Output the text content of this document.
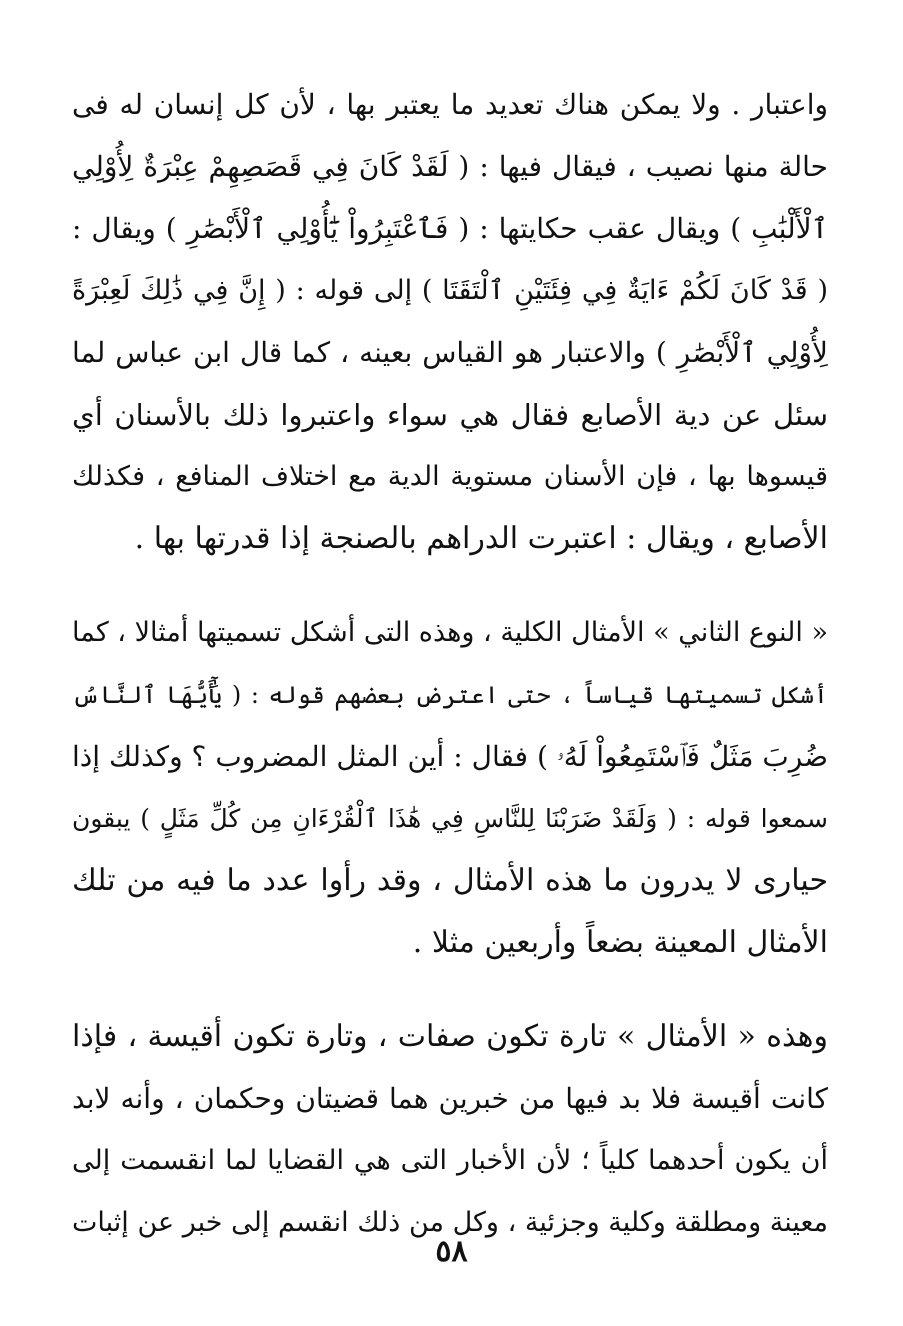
واعتبار . ولا يمكن هناك تعديد ما يعتبر بها ، لأن كل إنسان له فى
حالة منها نصيب ، فيقال فيها : ( لَقَدْ كَانَ فِي قَصَصِهِمْ عِبْرَةٌ لِأُوْلِي
ٱلْأَلْبَٰبِ ) ويقال عقب حكايتها : ( فَٱعْتَبِرُواْ يَٰٓأُوْلِي ٱلْأَبْصَٰرِ ) ويقال :
( قَدْ كَانَ لَكُمْ ءَايَةٌ فِي فِئَتَيْنِ ٱلْتَقَتَا ) إلى قوله : ( إِنَّ فِي ذَٰلِكَ لَعِبْرَةً
لِأُوْلِي ٱلْأَبْصَٰرِ ) والاعتبار هو القياس بعينه ، كما قال ابن عباس لما
سئل عن دية الأصابع فقال هي سواء واعتبروا ذلك بالأسنان أي
قيسوها بها ، فإن الأسنان مستوية الدية مع اختلاف المنافع ، فكذلك
الأصابع ، ويقال : اعتبرت الدراهم بالصنجة إذا قدرتها بها .

« النوع الثاني » الأمثال الكلية ، وهذه التى أشكل تسميتها أمثالا ، كما
أشكل تسميتها قياساً ، حتى اعترض بعضهم قوله : ( يَٰٓأَيُّهَا ٱلنَّاسُ
ضُرِبَ مَثَلٌ فَٱسْتَمِعُواْ لَهُۥ ) فقال : أين المثل المضروب ؟ وكذلك إذا
سمعوا قوله : ( وَلَقَدْ ضَرَبْنَا لِلنَّاسِ فِي هَٰذَا ٱلْقُرْءَانِ مِن كُلِّ مَثَلٍ ) يبقون
حيارى لا يدرون ما هذه الأمثال ، وقد رأوا عدد ما فيه من تلك
الأمثال المعينة بضعاً وأربعين مثلا .

وهذه « الأمثال » تارة تكون صفات ، وتارة تكون أقيسة ، فإذا
كانت أقيسة فلا بد فيها من خبرين هما قضيتان وحكمان ، وأنه لابد
أن يكون أحدهما كلياً ؛ لأن الأخبار التى هي القضايا لما انقسمت إلى
معينة ومطلقة وكلية وجزئية ، وكل من ذلك انقسم إلى خبر عن إثبات

٥٨
